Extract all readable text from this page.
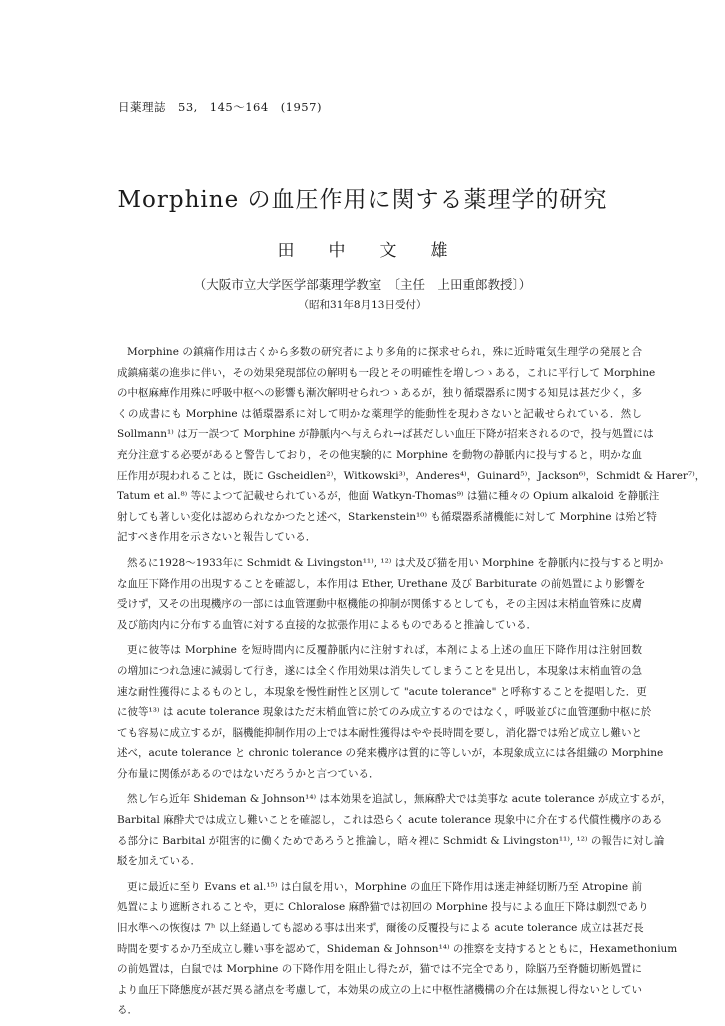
日薬理誌　53,　145～164　(1957)
Morphine の血圧作用に関する薬理学的研究
田　　中　　文　　雄
（大阪市立大学医学部薬理学教室　〔主任　上田重郎教授〕）
（昭和31年8月13日受付）
Morphine の鎮痛作用は古くから多数の研究者により多角的に探求せられ，殊に近時電気生理学の発展と合
成鎮痛薬の進歩に伴い，その効果発現部位の解明も一段とその明確性を増しつゝある，これに平行して Morphine
の中枢麻痺作用殊に呼吸中枢への影響も漸次解明せられつゝあるが，独り循環器系に関する知見は甚だ少く，多
くの成書にも Morphine は循環器系に対して明かな薬理学的能動性を現わさないと記載せられている．然し
Sollmann¹⁾ は万一誤つて Morphine が静脈内へ与えられ→ば甚だしい血圧下降が招来されるので，投与処置には
充分注意する必要があると警告しており，その他実験的に Morphine を動物の静脈内に投与すると，明かな血
圧作用が現われることは，既に Gscheidlen²⁾，Witkowski³⁾，Anderes⁴⁾，Guinard⁵⁾，Jackson⁶⁾，Schmidt & Harer⁷⁾，
Tatum et al.⁸⁾ 等によつて記載せられているが，他面 Watkyn-Thomas⁹⁾ は猫に種々の Opium alkaloid を静脈注
射しても著しい変化は認められなかつたと述べ，Starkenstein¹⁰⁾ も循環器系諸機能に対して Morphine は殆ど特
記すべき作用を示さないと報告している．
然るに1928～1933年に Schmidt & Livingston¹¹⁾, ¹²⁾ は犬及び猫を用い Morphine を静脈内に投与すると明か
な血圧下降作用の出現することを確認し，本作用は Ether, Urethane 及び Barbiturate の前処置により影響を
受けず，又その出現機序の一部には血管運動中枢機能の抑制が関係するとしても，その主因は末梢血管殊に皮膚
及び筋肉内に分布する血管に対する直接的な拡張作用によるものであると推論している．
更に彼等は Morphine を短時間内に反覆静脈内に注射すれば，本剤による上述の血圧下降作用は注射回数
の増加につれ急速に減弱して行き，遂には全く作用効果は消失してしまうことを見出し，本現象は末梢血管の急
速な耐性獲得によるものとし，本現象を慢性耐性と区別して "acute tolerance" と呼称することを提唱した．更
に彼等¹³⁾ は acute tolerance 現象はただ末梢血管に於てのみ成立するのではなく，呼吸並びに血管運動中枢に於
ても容易に成立するが，脳機能抑制作用の上では本耐性獲得はやや長時間を要し，消化器では殆ど成立し難いと
述べ，acute tolerance と chronic tolerance の発来機序は質的に等しいが，本現象成立には各組織の Morphine
分布量に関係があるのではないだろうかと言つている．
然し乍ら近年 Shideman & Johnson¹⁴⁾ は本効果を追試し，無麻酔犬では美事な acute tolerance が成立するが，
Barbital 麻酔犬では成立し難いことを確認し，これは恐らく acute tolerance 現象中に介在する代償性機序のある
る部分に Barbital が阻害的に働くためであろうと推論し，暗々裡に Schmidt & Livingston¹¹⁾, ¹²⁾ の報告に対し論
駁を加えている．
更に最近に至り Evans et al.¹⁵⁾ は白鼠を用い，Morphine の血圧下降作用は迷走神経切断乃至 Atropine 前
処置により遮断されることや，更に Chloralose 麻酔猫では初回の Morphine 投与による血圧下降は劇烈であり
旧水準への恢復は 7ʰ 以上経過しても認める事は出来ず，爾後の反覆投与による acute tolerance 成立は甚だ長
時間を要するか乃至成立し難い事を認めて，Shideman & Johnson¹⁴⁾ の推察を支持するとともに，Hexamethonium
の前処置は，白鼠では Morphine の下降作用を阻止し得たが，猫では不完全であり，除脳乃至脊髄切断処置に
より血圧下降態度が甚だ異る諸点を考慮して，本効果の成立の上に中枢性諸機構の介在は無視し得ないとしてい
る．
